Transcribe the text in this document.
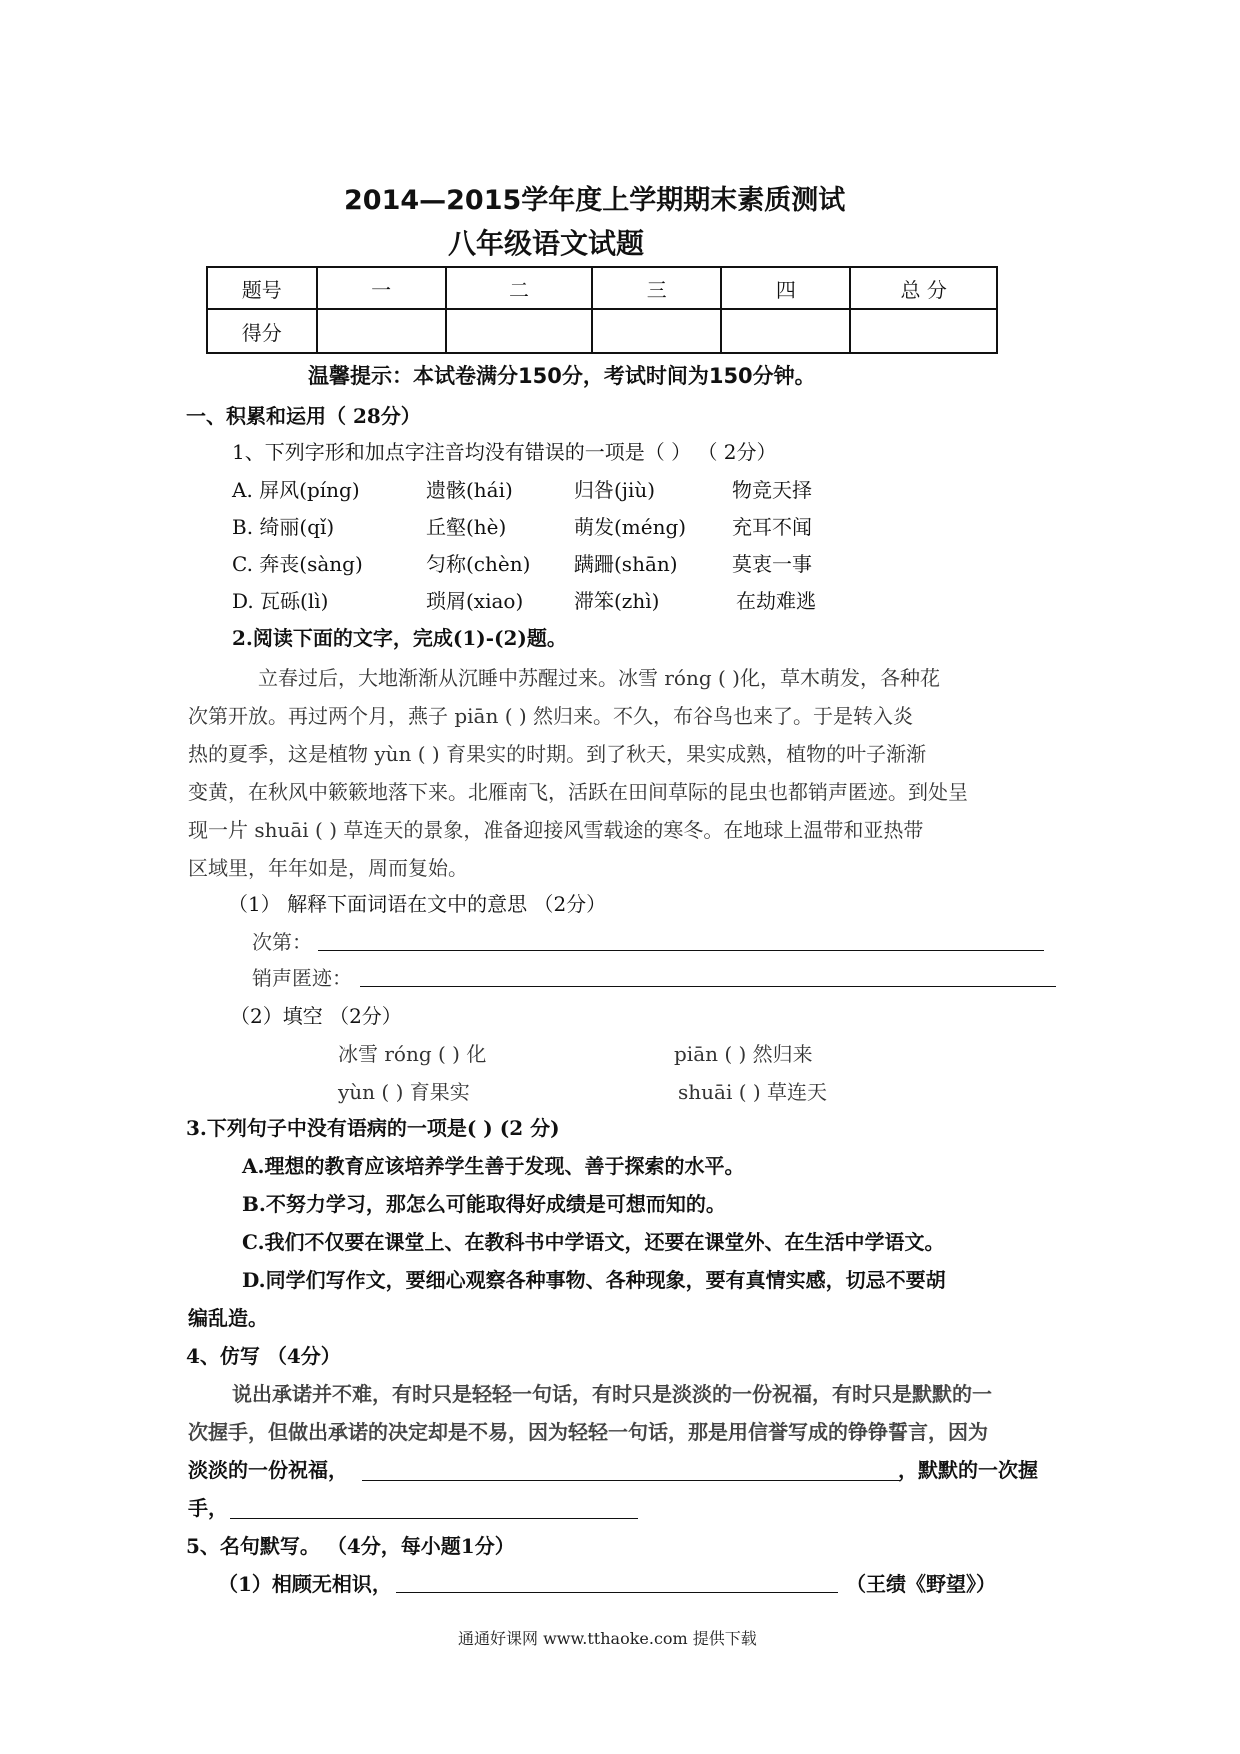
2014—2015学年度上学期期末素质测试
八年级语文试题
题号	一	二	三	四	总 分
得分					
温馨提示：本试卷满分150分，考试时间为150分钟。
一、积累和运用（ 28分）
1、下列字形和加点字注音均没有错误的一项是（ ） （ 2分）
A. 屏风(píng)	遗骸(hái)	归咎(jiù)	物竞天择
B. 绮丽(qǐ)	丘壑(hè)	萌发(méng) 充耳不闻
C. 奔丧(sàng)	匀称(chèn) 蹒跚(shān)	莫衷一事
D. 瓦砾(lì)	琐屑(xiao)	滞笨(zhì)	在劫难逃
2.阅读下面的文字，完成(1)-(2)题。
立春过后，大地渐渐从沉睡中苏醒过来。冰雪 róng ( )化，草木萌发，各种花
次第开放。再过两个月，燕子 piān ( ) 然归来。不久，布谷鸟也来了。于是转入炎
热的夏季，这是植物 yùn ( ) 育果实的时期。到了秋天，果实成熟，植物的叶子渐渐
变黄，在秋风中簌簌地落下来。北雁南飞，活跃在田间草际的昆虫也都销声匿迹。到处呈
现一片 shuāi ( ) 草连天的景象，准备迎接风雪载途的寒冬。在地球上温带和亚热带
区域里，年年如是，周而复始。
（1） 解释下面词语在文中的意思 （2分）
次第：
销声匿迹：
（2）填空 （2分）
冰雪 róng ( ) 化	piān ( ) 然归来
yùn ( ) 育果实	shuāi ( ) 草连天
3.下列句子中没有语病的一项是( ) (2 分)
A.理想的教育应该培养学生善于发现、善于探索的水平。
B.不努力学习，那怎么可能取得好成绩是可想而知的。
C.我们不仅要在课堂上、在教科书中学语文，还要在课堂外、在生活中学语文。
D.同学们写作文，要细心观察各种事物、各种现象，要有真情实感，切忌不要胡
编乱造。
4、仿写 （4分）
说出承诺并不难，有时只是轻轻一句话，有时只是淡淡的一份祝福，有时只是默默的一
次握手，但做出承诺的决定却是不易，因为轻轻一句话，那是用信誉写成的铮铮誓言，因为
淡淡的一份祝福，	，默默的一次握
手，
5、名句默写。 （4分，每小题1分）
（1）相顾无相识，	（王绩《野望》）
通通好课网 www.tthaoke.com 提供下载
